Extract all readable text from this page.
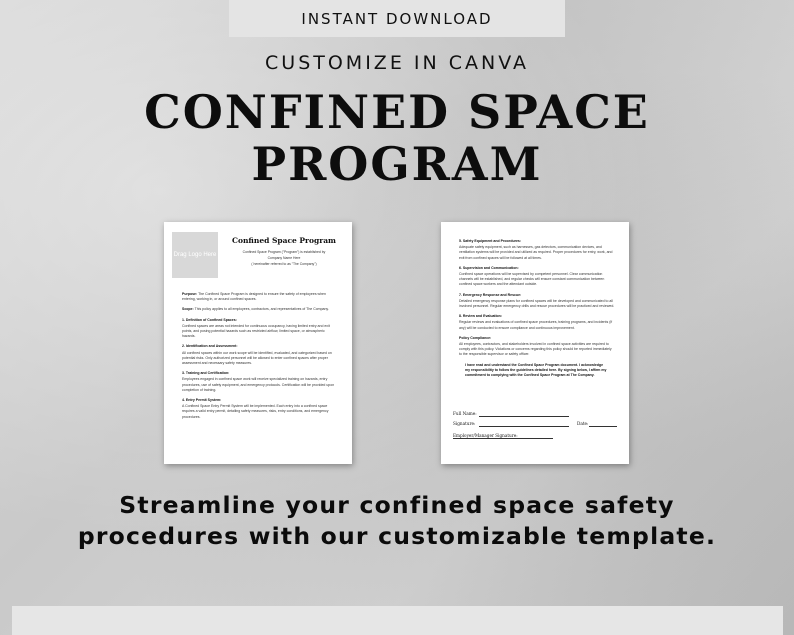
INSTANT DOWNLOAD
CUSTOMIZE IN CANVA
CONFINED SPACE
PROGRAM
Drag Logo Here
Confined Space Program
Confined Space Program ("Program") is established by
Company Name Here
( hereinafter referred to as "The Company")

Purpose: The Confined Space Program is designed to ensure the safety of employees when entering, working in, or around confined spaces.

Scope: This policy applies to all employees, contractors, and representatives of The Company.

1. Definition of Confined Spaces:

Confined spaces are areas not intended for continuous occupancy, having limited entry and exit points, and posing potential hazards such as restricted airflow, limited space, or atmospheric hazards.

2. Identification and Assessment:

All confined spaces within our work scope will be identified, evaluated, and categorized based on potential risks. Only authorized personnel will be allowed to enter confined spaces after proper assessment and necessary safety measures.

3. Training and Certification:

Employees engaged in confined space work will receive specialized training on hazards, entry procedures, use of safety equipment, and emergency protocols. Certification will be provided upon completion of training.

4. Entry Permit System:

A Confined Space Entry Permit System will be implemented. Each entry into a confined space requires a valid entry permit, detailing safety measures, risks, entry conditions, and emergency procedures.

5. Safety Equipment and Procedures:

Adequate safety equipment, such as harnesses, gas detectors, communication devices, and ventilation systems will be provided and utilized as required. Proper procedures for entry, work, and exit from confined spaces will be followed at all times.

6. Supervision and Communication:

Confined space operations will be supervised by competent personnel. Clear communication channels will be established, and regular checks will ensure constant communication between confined space workers and the attendant outside.

7. Emergency Response and Rescue:

Detailed emergency response plans for confined spaces will be developed and communicated to all involved personnel. Regular emergency drills and rescue procedures will be practiced and reviewed.

8. Review and Evaluation:

Regular reviews and evaluations of confined space procedures, training programs, and incidents (if any) will be conducted to ensure compliance and continuous improvement.

Policy Compliance:

All employees, contractors, and stakeholders involved in confined space activities are required to comply with this policy. Violations or concerns regarding this policy should be reported immediately to the responsible supervisor or safety officer.

I have read and understand the Confined Space Program document. I acknowledge my responsibility to follow the guidelines detailed here. By signing below, I affirm my commitment to complying with the Confined Space Program at The Company.

Full Name:
Signature:	Date:
Employer/Manager Signature:
Streamline your confined space safety
procedures with our customizable template.
